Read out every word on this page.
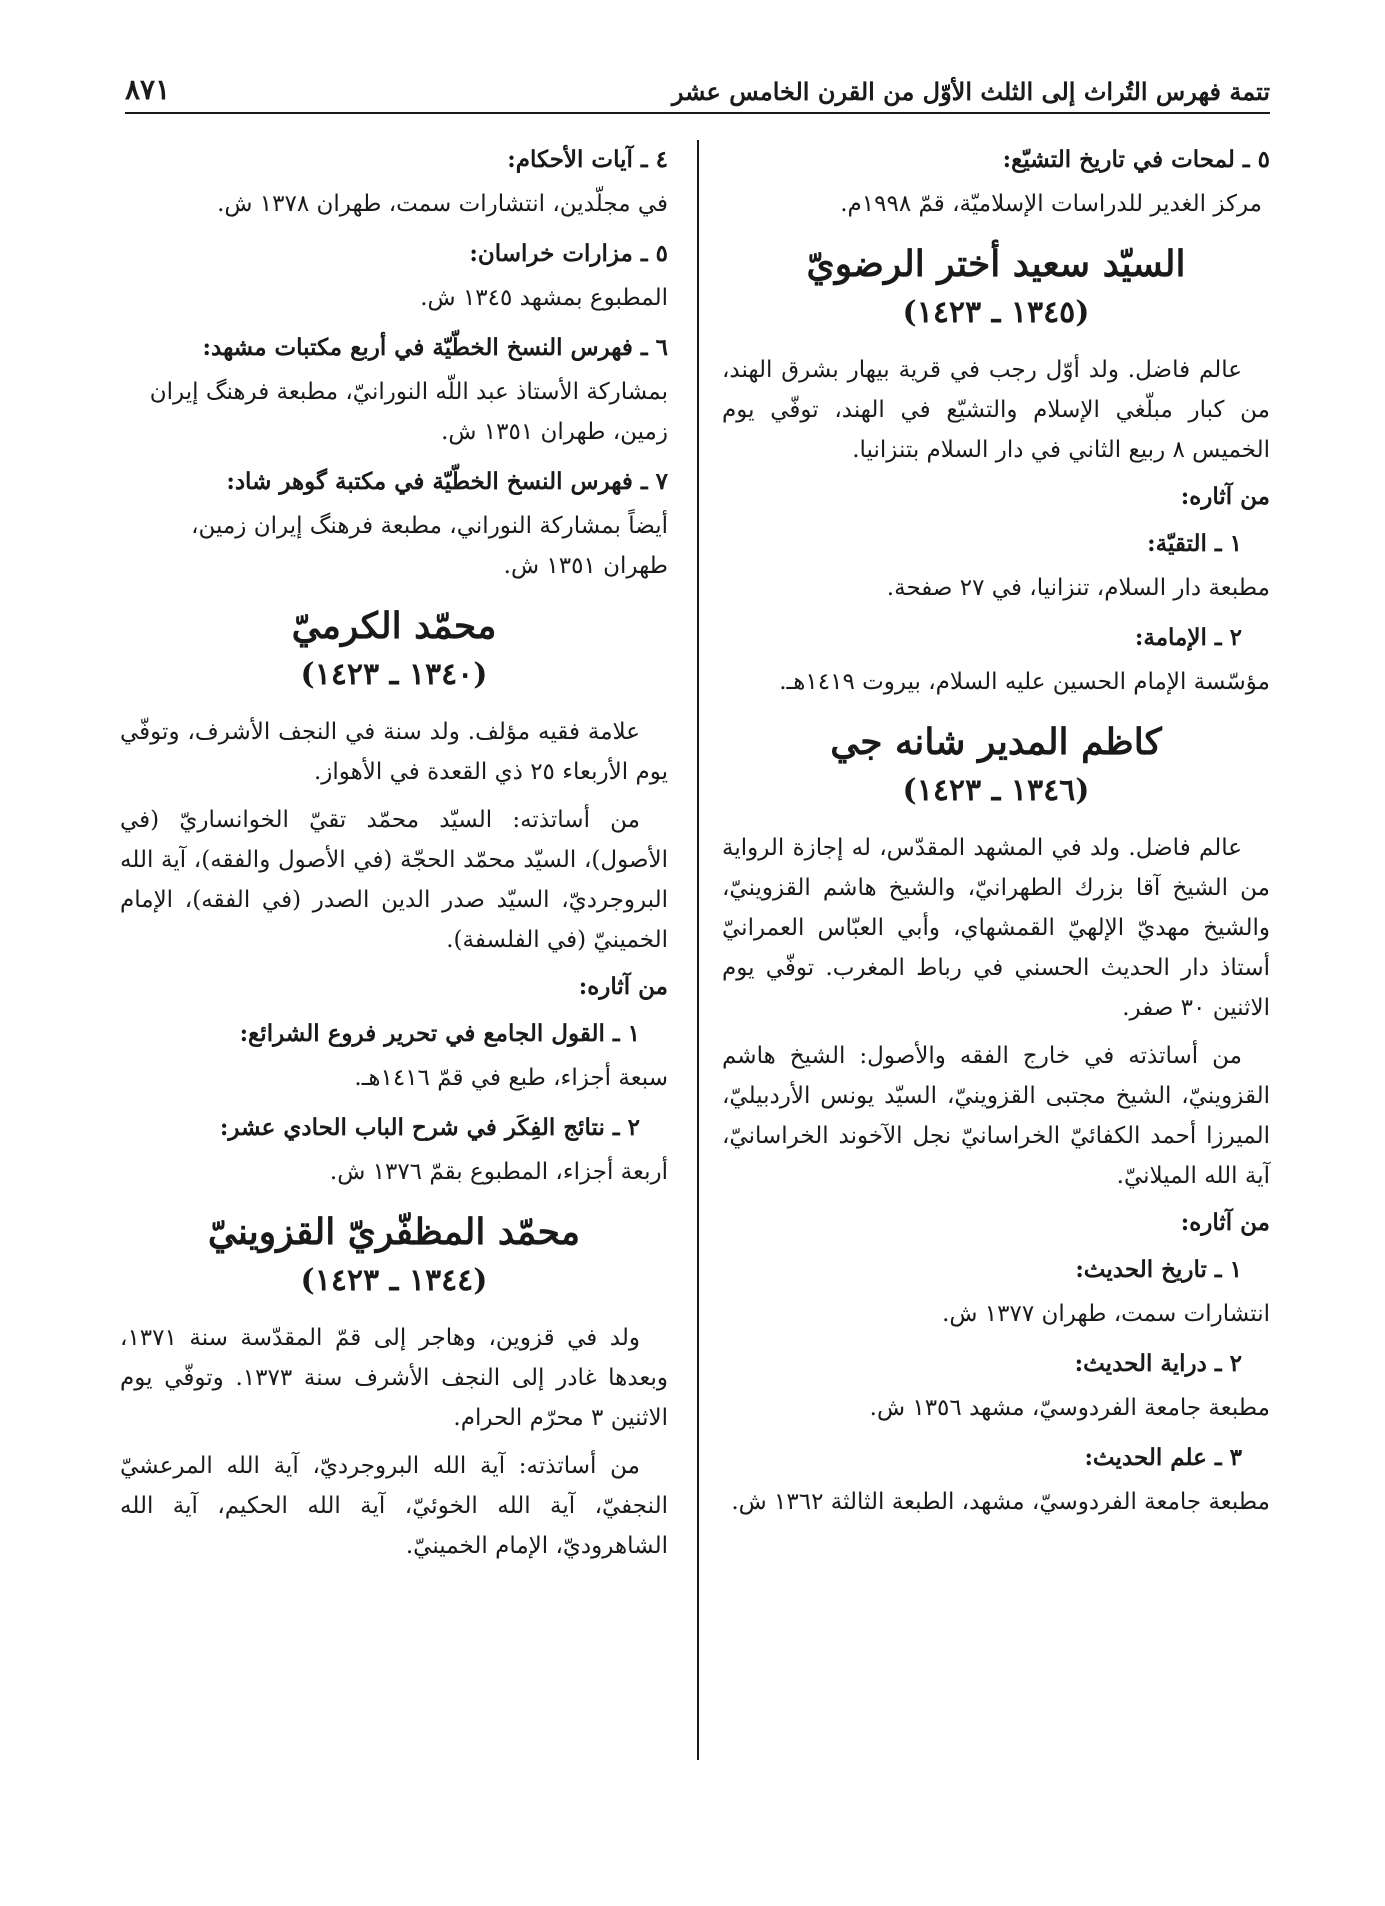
تتمة فهرس التُراث إلى الثلث الأوّل من القرن الخامس عشر
٨٧١
٥ ـ لمحات في تاريخ التشيّع:
مركز الغدير للدراسات الإسلاميّة، قمّ ١٩٩٨م.
السيّد سعيد أختر الرضويّ
(١٣٤٥ ـ ١٤٢٣)

عالم فاضل. ولد أوّل رجب في قرية بيهار بشرق الهند، من كبار مبلّغي الإسلام والتشيّع في الهند، توفّي يوم الخميس ٨ ربيع الثاني في دار السلام بتنزانيا.

من آثاره:
١ ـ التقيّة:
مطبعة دار السلام، تنزانيا، في ٢٧ صفحة.
٢ ـ الإمامة:
مؤسّسة الإمام الحسين عليه السلام، بيروت ١٤١٩هـ.
كاظم المدير شانه جي
(١٣٤٦ ـ ١٤٢٣)

عالم فاضل. ولد في المشهد المقدّس، له إجازة الرواية من الشيخ آقا بزرك الطهرانيّ، والشيخ هاشم القزوينيّ، والشيخ مهديّ الإلهيّ القمشهاي، وأبي العبّاس العمرانيّ أستاذ دار الحديث الحسني في رباط المغرب. توفّي يوم الاثنين ٣٠ صفر.

من أساتذته في خارج الفقه والأصول: الشيخ هاشم القزوينيّ، الشيخ مجتبى القزوينيّ، السيّد يونس الأردبيليّ، الميرزا أحمد الكفائيّ الخراسانيّ نجل الآخوند الخراسانيّ، آية الله الميلانيّ.

من آثاره:
١ ـ تاريخ الحديث:
انتشارات سمت، طهران ١٣٧٧ ش.
٢ ـ دراية الحديث:
مطبعة جامعة الفردوسيّ، مشهد ١٣٥٦ ش.
٣ ـ علم الحديث:
مطبعة جامعة الفردوسيّ، مشهد، الطبعة الثالثة ١٣٦٢ ش.
٤ ـ آيات الأحكام:
في مجلّدين، انتشارات سمت، طهران ١٣٧٨ ش.
٥ ـ مزارات خراسان:
المطبوع بمشهد ١٣٤٥ ش.
٦ ـ فهرس النسخ الخطّيّة في أربع مكتبات مشهد:
بمشاركة الأستاذ عبد اللّه النورانيّ، مطبعة فرهنگ إيران زمين، طهران ١٣٥١ ش.
٧ ـ فهرس النسخ الخطّيّة في مكتبة گوهر شاد:
أيضاً بمشاركة النوراني، مطبعة فرهنگ إيران زمين، طهران ١٣٥١ ش.
محمّد الكرميّ
(١٣٤٠ ـ ١٤٢٣)

علامة فقيه مؤلف. ولد سنة في النجف الأشرف، وتوفّي يوم الأربعاء ٢٥ ذي القعدة في الأهواز.

من أساتذته: السيّد محمّد تقيّ الخوانساريّ (في الأصول)، السيّد محمّد الحجّة (في الأصول والفقه)، آية الله البروجرديّ، السيّد صدر الدين الصدر (في الفقه)، الإمام الخمينيّ (في الفلسفة).

من آثاره:
١ ـ القول الجامع في تحرير فروع الشرائع:
سبعة أجزاء، طبع في قمّ ١٤١٦هـ.
٢ ـ نتائج الفِكَر في شرح الباب الحادي عشر:
أربعة أجزاء، المطبوع بقمّ ١٣٧٦ ش.
محمّد المظفّريّ القزوينيّ
(١٣٤٤ ـ ١٤٢٣)

ولد في قزوين، وهاجر إلى قمّ المقدّسة سنة ١٣٧١، وبعدها غادر إلى النجف الأشرف سنة ١٣٧٣. وتوفّي يوم الاثنين ٣ محرّم الحرام.

من أساتذته: آية الله البروجرديّ، آية الله المرعشيّ النجفيّ، آية الله الخوئيّ، آية الله الحكيم، آية الله الشاهروديّ، الإمام الخمينيّ.
